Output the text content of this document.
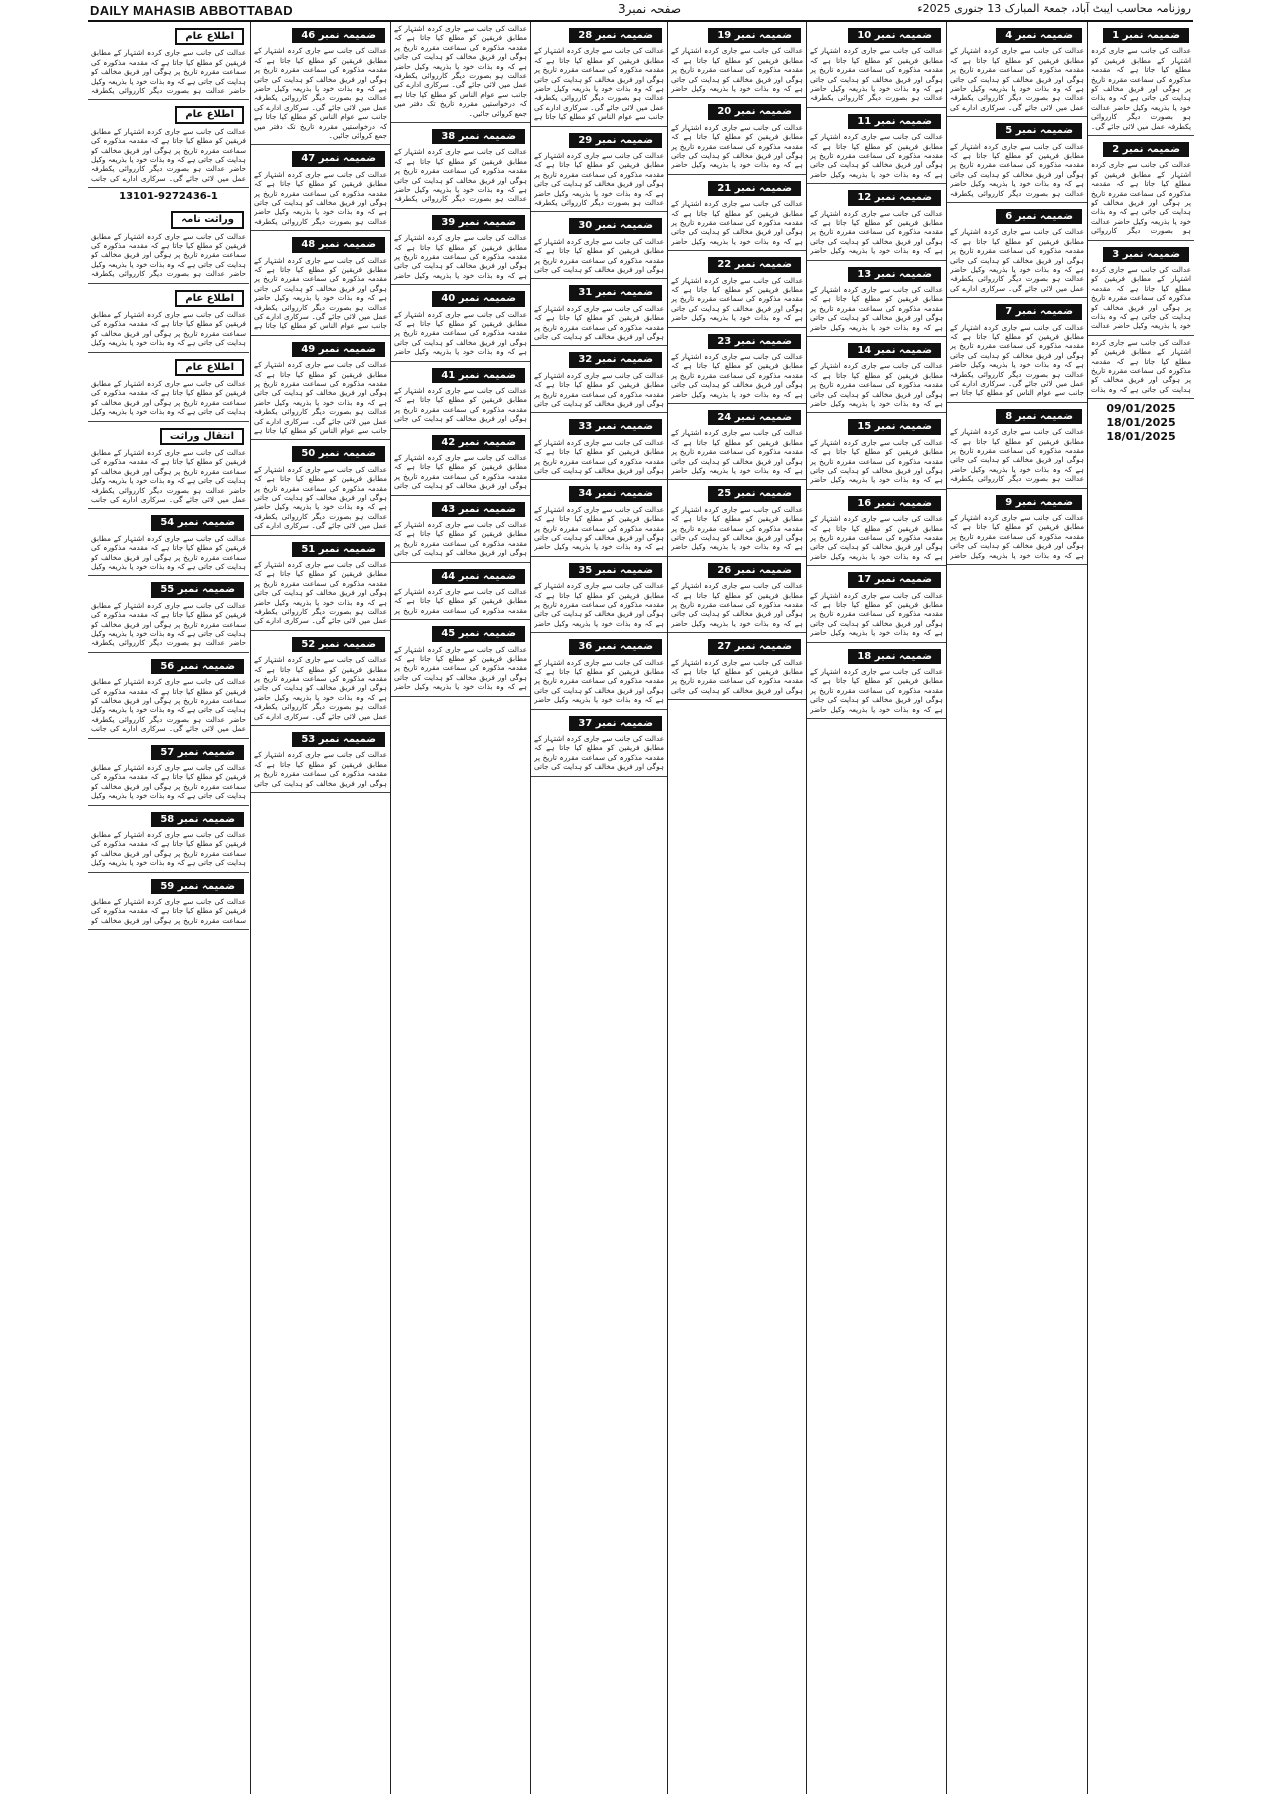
DAILY MAHASIB ABBOTTABAD	صفحہ نمبر3	روزنامہ محاسب ایبٹ آباد، جمعۃ المبارک 13 جنوری 2025ء
ضمیمہ نمبر 1

عدالت کی جانب سے جاری کردہ اشتہار کے مطابق فریقین کو مطلع کیا جاتا ہے کہ مقدمہ مذکورہ کی سماعت مقررہ تاریخ پر ہوگی اور فریق مخالف کو ہدایت کی جاتی ہے کہ وہ بذات خود یا بذریعہ وکیل حاضر عدالت ہو بصورت دیگر کارروائی یکطرفہ عمل میں لائی جائے گی۔

ضمیمہ نمبر 2

عدالت کی جانب سے جاری کردہ اشتہار کے مطابق فریقین کو مطلع کیا جاتا ہے کہ مقدمہ مذکورہ کی سماعت مقررہ تاریخ پر ہوگی اور فریق مخالف کو ہدایت کی جاتی ہے کہ وہ بذات خود یا بذریعہ وکیل حاضر عدالت ہو بصورت دیگر کارروائی

ضمیمہ نمبر 3

عدالت کی جانب سے جاری کردہ اشتہار کے مطابق فریقین کو مطلع کیا جاتا ہے کہ مقدمہ مذکورہ کی سماعت مقررہ تاریخ پر ہوگی اور فریق مخالف کو ہدایت کی جاتی ہے کہ وہ بذات خود یا بذریعہ وکیل حاضر عدالت

عدالت کی جانب سے جاری کردہ اشتہار کے مطابق فریقین کو مطلع کیا جاتا ہے کہ مقدمہ مذکورہ کی سماعت مقررہ تاریخ پر ہوگی اور فریق مخالف کو ہدایت کی جاتی ہے کہ وہ بذات

09/01/2025
18/01/2025
18/01/2025
ضمیمہ نمبر 4

عدالت کی جانب سے جاری کردہ اشتہار کے مطابق فریقین کو مطلع کیا جاتا ہے کہ مقدمہ مذکورہ کی سماعت مقررہ تاریخ پر ہوگی اور فریق مخالف کو ہدایت کی جاتی ہے کہ وہ بذات خود یا بذریعہ وکیل حاضر عدالت ہو بصورت دیگر کارروائی یکطرفہ عمل میں لائی جائے گی۔ سرکاری ادارے کی

ضمیمہ نمبر 5

عدالت کی جانب سے جاری کردہ اشتہار کے مطابق فریقین کو مطلع کیا جاتا ہے کہ مقدمہ مذکورہ کی سماعت مقررہ تاریخ پر ہوگی اور فریق مخالف کو ہدایت کی جاتی ہے کہ وہ بذات خود یا بذریعہ وکیل حاضر عدالت ہو بصورت دیگر کارروائی یکطرفہ

ضمیمہ نمبر 6

عدالت کی جانب سے جاری کردہ اشتہار کے مطابق فریقین کو مطلع کیا جاتا ہے کہ مقدمہ مذکورہ کی سماعت مقررہ تاریخ پر ہوگی اور فریق مخالف کو ہدایت کی جاتی ہے کہ وہ بذات خود یا بذریعہ وکیل حاضر عدالت ہو بصورت دیگر کارروائی یکطرفہ عمل میں لائی جائے گی۔ سرکاری ادارے کی

ضمیمہ نمبر 7

عدالت کی جانب سے جاری کردہ اشتہار کے مطابق فریقین کو مطلع کیا جاتا ہے کہ مقدمہ مذکورہ کی سماعت مقررہ تاریخ پر ہوگی اور فریق مخالف کو ہدایت کی جاتی ہے کہ وہ بذات خود یا بذریعہ وکیل حاضر عدالت ہو بصورت دیگر کارروائی یکطرفہ عمل میں لائی جائے گی۔ سرکاری ادارے کی جانب سے عوام الناس کو مطلع کیا جاتا ہے

ضمیمہ نمبر 8

عدالت کی جانب سے جاری کردہ اشتہار کے مطابق فریقین کو مطلع کیا جاتا ہے کہ مقدمہ مذکورہ کی سماعت مقررہ تاریخ پر ہوگی اور فریق مخالف کو ہدایت کی جاتی ہے کہ وہ بذات خود یا بذریعہ وکیل حاضر عدالت ہو بصورت دیگر کارروائی یکطرفہ

ضمیمہ نمبر 9

عدالت کی جانب سے جاری کردہ اشتہار کے مطابق فریقین کو مطلع کیا جاتا ہے کہ مقدمہ مذکورہ کی سماعت مقررہ تاریخ پر ہوگی اور فریق مخالف کو ہدایت کی جاتی ہے کہ وہ بذات خود یا بذریعہ وکیل حاضر

ضمیمہ نمبر 10

عدالت کی جانب سے جاری کردہ اشتہار کے مطابق فریقین کو مطلع کیا جاتا ہے کہ مقدمہ مذکورہ کی سماعت مقررہ تاریخ پر ہوگی اور فریق مخالف کو ہدایت کی جاتی ہے کہ وہ بذات خود یا بذریعہ وکیل حاضر عدالت ہو بصورت دیگر کارروائی یکطرفہ

ضمیمہ نمبر 11

عدالت کی جانب سے جاری کردہ اشتہار کے مطابق فریقین کو مطلع کیا جاتا ہے کہ مقدمہ مذکورہ کی سماعت مقررہ تاریخ پر ہوگی اور فریق مخالف کو ہدایت کی جاتی ہے کہ وہ بذات خود یا بذریعہ وکیل حاضر

ضمیمہ نمبر 12

عدالت کی جانب سے جاری کردہ اشتہار کے مطابق فریقین کو مطلع کیا جاتا ہے کہ مقدمہ مذکورہ کی سماعت مقررہ تاریخ پر ہوگی اور فریق مخالف کو ہدایت کی جاتی ہے کہ وہ بذات خود یا بذریعہ وکیل حاضر

ضمیمہ نمبر 13

عدالت کی جانب سے جاری کردہ اشتہار کے مطابق فریقین کو مطلع کیا جاتا ہے کہ مقدمہ مذکورہ کی سماعت مقررہ تاریخ پر ہوگی اور فریق مخالف کو ہدایت کی جاتی ہے کہ وہ بذات خود یا بذریعہ وکیل حاضر

ضمیمہ نمبر 14

عدالت کی جانب سے جاری کردہ اشتہار کے مطابق فریقین کو مطلع کیا جاتا ہے کہ مقدمہ مذکورہ کی سماعت مقررہ تاریخ پر ہوگی اور فریق مخالف کو ہدایت کی جاتی ہے کہ وہ بذات خود یا بذریعہ وکیل حاضر

ضمیمہ نمبر 15

عدالت کی جانب سے جاری کردہ اشتہار کے مطابق فریقین کو مطلع کیا جاتا ہے کہ مقدمہ مذکورہ کی سماعت مقررہ تاریخ پر ہوگی اور فریق مخالف کو ہدایت کی جاتی ہے کہ وہ بذات خود یا بذریعہ وکیل حاضر

ضمیمہ نمبر 16

عدالت کی جانب سے جاری کردہ اشتہار کے مطابق فریقین کو مطلع کیا جاتا ہے کہ مقدمہ مذکورہ کی سماعت مقررہ تاریخ پر ہوگی اور فریق مخالف کو ہدایت کی جاتی ہے کہ وہ بذات خود یا بذریعہ وکیل حاضر

ضمیمہ نمبر 17

عدالت کی جانب سے جاری کردہ اشتہار کے مطابق فریقین کو مطلع کیا جاتا ہے کہ مقدمہ مذکورہ کی سماعت مقررہ تاریخ پر ہوگی اور فریق مخالف کو ہدایت کی جاتی ہے کہ وہ بذات خود یا بذریعہ وکیل حاضر

ضمیمہ نمبر 18

عدالت کی جانب سے جاری کردہ اشتہار کے مطابق فریقین کو مطلع کیا جاتا ہے کہ مقدمہ مذکورہ کی سماعت مقررہ تاریخ پر ہوگی اور فریق مخالف کو ہدایت کی جاتی ہے کہ وہ بذات خود یا بذریعہ وکیل حاضر

ضمیمہ نمبر 19

عدالت کی جانب سے جاری کردہ اشتہار کے مطابق فریقین کو مطلع کیا جاتا ہے کہ مقدمہ مذکورہ کی سماعت مقررہ تاریخ پر ہوگی اور فریق مخالف کو ہدایت کی جاتی ہے کہ وہ بذات خود یا بذریعہ وکیل حاضر

ضمیمہ نمبر 20

عدالت کی جانب سے جاری کردہ اشتہار کے مطابق فریقین کو مطلع کیا جاتا ہے کہ مقدمہ مذکورہ کی سماعت مقررہ تاریخ پر ہوگی اور فریق مخالف کو ہدایت کی جاتی ہے کہ وہ بذات خود یا بذریعہ وکیل حاضر

ضمیمہ نمبر 21

عدالت کی جانب سے جاری کردہ اشتہار کے مطابق فریقین کو مطلع کیا جاتا ہے کہ مقدمہ مذکورہ کی سماعت مقررہ تاریخ پر ہوگی اور فریق مخالف کو ہدایت کی جاتی ہے کہ وہ بذات خود یا بذریعہ وکیل حاضر

ضمیمہ نمبر 22

عدالت کی جانب سے جاری کردہ اشتہار کے مطابق فریقین کو مطلع کیا جاتا ہے کہ مقدمہ مذکورہ کی سماعت مقررہ تاریخ پر ہوگی اور فریق مخالف کو ہدایت کی جاتی ہے کہ وہ بذات خود یا بذریعہ وکیل حاضر

ضمیمہ نمبر 23

عدالت کی جانب سے جاری کردہ اشتہار کے مطابق فریقین کو مطلع کیا جاتا ہے کہ مقدمہ مذکورہ کی سماعت مقررہ تاریخ پر ہوگی اور فریق مخالف کو ہدایت کی جاتی ہے کہ وہ بذات خود یا بذریعہ وکیل حاضر

ضمیمہ نمبر 24

عدالت کی جانب سے جاری کردہ اشتہار کے مطابق فریقین کو مطلع کیا جاتا ہے کہ مقدمہ مذکورہ کی سماعت مقررہ تاریخ پر ہوگی اور فریق مخالف کو ہدایت کی جاتی ہے کہ وہ بذات خود یا بذریعہ وکیل حاضر

ضمیمہ نمبر 25

عدالت کی جانب سے جاری کردہ اشتہار کے مطابق فریقین کو مطلع کیا جاتا ہے کہ مقدمہ مذکورہ کی سماعت مقررہ تاریخ پر ہوگی اور فریق مخالف کو ہدایت کی جاتی ہے کہ وہ بذات خود یا بذریعہ وکیل حاضر

ضمیمہ نمبر 26

عدالت کی جانب سے جاری کردہ اشتہار کے مطابق فریقین کو مطلع کیا جاتا ہے کہ مقدمہ مذکورہ کی سماعت مقررہ تاریخ پر ہوگی اور فریق مخالف کو ہدایت کی جاتی ہے کہ وہ بذات خود یا بذریعہ وکیل حاضر

ضمیمہ نمبر 27

عدالت کی جانب سے جاری کردہ اشتہار کے مطابق فریقین کو مطلع کیا جاتا ہے کہ مقدمہ مذکورہ کی سماعت مقررہ تاریخ پر ہوگی اور فریق مخالف کو ہدایت کی جاتی

ضمیمہ نمبر 28

عدالت کی جانب سے جاری کردہ اشتہار کے مطابق فریقین کو مطلع کیا جاتا ہے کہ مقدمہ مذکورہ کی سماعت مقررہ تاریخ پر ہوگی اور فریق مخالف کو ہدایت کی جاتی ہے کہ وہ بذات خود یا بذریعہ وکیل حاضر عدالت ہو بصورت دیگر کارروائی یکطرفہ عمل میں لائی جائے گی۔ سرکاری ادارے کی جانب سے عوام الناس کو مطلع کیا جاتا ہے

ضمیمہ نمبر 29

عدالت کی جانب سے جاری کردہ اشتہار کے مطابق فریقین کو مطلع کیا جاتا ہے کہ مقدمہ مذکورہ کی سماعت مقررہ تاریخ پر ہوگی اور فریق مخالف کو ہدایت کی جاتی ہے کہ وہ بذات خود یا بذریعہ وکیل حاضر عدالت ہو بصورت دیگر کارروائی یکطرفہ

ضمیمہ نمبر 30

عدالت کی جانب سے جاری کردہ اشتہار کے مطابق فریقین کو مطلع کیا جاتا ہے کہ مقدمہ مذکورہ کی سماعت مقررہ تاریخ پر ہوگی اور فریق مخالف کو ہدایت کی جاتی

ضمیمہ نمبر 31

عدالت کی جانب سے جاری کردہ اشتہار کے مطابق فریقین کو مطلع کیا جاتا ہے کہ مقدمہ مذکورہ کی سماعت مقررہ تاریخ پر ہوگی اور فریق مخالف کو ہدایت کی جاتی

ضمیمہ نمبر 32

عدالت کی جانب سے جاری کردہ اشتہار کے مطابق فریقین کو مطلع کیا جاتا ہے کہ مقدمہ مذکورہ کی سماعت مقررہ تاریخ پر ہوگی اور فریق مخالف کو ہدایت کی جاتی

ضمیمہ نمبر 33

عدالت کی جانب سے جاری کردہ اشتہار کے مطابق فریقین کو مطلع کیا جاتا ہے کہ مقدمہ مذکورہ کی سماعت مقررہ تاریخ پر ہوگی اور فریق مخالف کو ہدایت کی جاتی

ضمیمہ نمبر 34

عدالت کی جانب سے جاری کردہ اشتہار کے مطابق فریقین کو مطلع کیا جاتا ہے کہ مقدمہ مذکورہ کی سماعت مقررہ تاریخ پر ہوگی اور فریق مخالف کو ہدایت کی جاتی ہے کہ وہ بذات خود یا بذریعہ وکیل حاضر

ضمیمہ نمبر 35

عدالت کی جانب سے جاری کردہ اشتہار کے مطابق فریقین کو مطلع کیا جاتا ہے کہ مقدمہ مذکورہ کی سماعت مقررہ تاریخ پر ہوگی اور فریق مخالف کو ہدایت کی جاتی ہے کہ وہ بذات خود یا بذریعہ وکیل حاضر

ضمیمہ نمبر 36

عدالت کی جانب سے جاری کردہ اشتہار کے مطابق فریقین کو مطلع کیا جاتا ہے کہ مقدمہ مذکورہ کی سماعت مقررہ تاریخ پر ہوگی اور فریق مخالف کو ہدایت کی جاتی ہے کہ وہ بذات خود یا بذریعہ وکیل حاضر

ضمیمہ نمبر 37

عدالت کی جانب سے جاری کردہ اشتہار کے مطابق فریقین کو مطلع کیا جاتا ہے کہ مقدمہ مذکورہ کی سماعت مقررہ تاریخ پر ہوگی اور فریق مخالف کو ہدایت کی جاتی

عدالت کی جانب سے جاری کردہ اشتہار کے مطابق فریقین کو مطلع کیا جاتا ہے کہ مقدمہ مذکورہ کی سماعت مقررہ تاریخ پر ہوگی اور فریق مخالف کو ہدایت کی جاتی ہے کہ وہ بذات خود یا بذریعہ وکیل حاضر عدالت ہو بصورت دیگر کارروائی یکطرفہ عمل میں لائی جائے گی۔ سرکاری ادارے کی جانب سے عوام الناس کو مطلع کیا جاتا ہے کہ درخواستیں مقررہ تاریخ تک دفتر میں جمع کروائی جائیں۔

ضمیمہ نمبر 38

عدالت کی جانب سے جاری کردہ اشتہار کے مطابق فریقین کو مطلع کیا جاتا ہے کہ مقدمہ مذکورہ کی سماعت مقررہ تاریخ پر ہوگی اور فریق مخالف کو ہدایت کی جاتی ہے کہ وہ بذات خود یا بذریعہ وکیل حاضر عدالت ہو بصورت دیگر کارروائی یکطرفہ

ضمیمہ نمبر 39

عدالت کی جانب سے جاری کردہ اشتہار کے مطابق فریقین کو مطلع کیا جاتا ہے کہ مقدمہ مذکورہ کی سماعت مقررہ تاریخ پر ہوگی اور فریق مخالف کو ہدایت کی جاتی ہے کہ وہ بذات خود یا بذریعہ وکیل حاضر

ضمیمہ نمبر 40

عدالت کی جانب سے جاری کردہ اشتہار کے مطابق فریقین کو مطلع کیا جاتا ہے کہ مقدمہ مذکورہ کی سماعت مقررہ تاریخ پر ہوگی اور فریق مخالف کو ہدایت کی جاتی ہے کہ وہ بذات خود یا بذریعہ وکیل حاضر

ضمیمہ نمبر 41

عدالت کی جانب سے جاری کردہ اشتہار کے مطابق فریقین کو مطلع کیا جاتا ہے کہ مقدمہ مذکورہ کی سماعت مقررہ تاریخ پر ہوگی اور فریق مخالف کو ہدایت کی جاتی

ضمیمہ نمبر 42

عدالت کی جانب سے جاری کردہ اشتہار کے مطابق فریقین کو مطلع کیا جاتا ہے کہ مقدمہ مذکورہ کی سماعت مقررہ تاریخ پر ہوگی اور فریق مخالف کو ہدایت کی جاتی

ضمیمہ نمبر 43

عدالت کی جانب سے جاری کردہ اشتہار کے مطابق فریقین کو مطلع کیا جاتا ہے کہ مقدمہ مذکورہ کی سماعت مقررہ تاریخ پر ہوگی اور فریق مخالف کو ہدایت کی جاتی

ضمیمہ نمبر 44

عدالت کی جانب سے جاری کردہ اشتہار کے مطابق فریقین کو مطلع کیا جاتا ہے کہ مقدمہ مذکورہ کی سماعت مقررہ تاریخ پر

ضمیمہ نمبر 45

عدالت کی جانب سے جاری کردہ اشتہار کے مطابق فریقین کو مطلع کیا جاتا ہے کہ مقدمہ مذکورہ کی سماعت مقررہ تاریخ پر ہوگی اور فریق مخالف کو ہدایت کی جاتی ہے کہ وہ بذات خود یا بذریعہ وکیل حاضر

ضمیمہ نمبر 46

عدالت کی جانب سے جاری کردہ اشتہار کے مطابق فریقین کو مطلع کیا جاتا ہے کہ مقدمہ مذکورہ کی سماعت مقررہ تاریخ پر ہوگی اور فریق مخالف کو ہدایت کی جاتی ہے کہ وہ بذات خود یا بذریعہ وکیل حاضر عدالت ہو بصورت دیگر کارروائی یکطرفہ عمل میں لائی جائے گی۔ سرکاری ادارے کی جانب سے عوام الناس کو مطلع کیا جاتا ہے کہ درخواستیں مقررہ تاریخ تک دفتر میں جمع کروائی جائیں۔

ضمیمہ نمبر 47

عدالت کی جانب سے جاری کردہ اشتہار کے مطابق فریقین کو مطلع کیا جاتا ہے کہ مقدمہ مذکورہ کی سماعت مقررہ تاریخ پر ہوگی اور فریق مخالف کو ہدایت کی جاتی ہے کہ وہ بذات خود یا بذریعہ وکیل حاضر عدالت ہو بصورت دیگر کارروائی یکطرفہ

ضمیمہ نمبر 48

عدالت کی جانب سے جاری کردہ اشتہار کے مطابق فریقین کو مطلع کیا جاتا ہے کہ مقدمہ مذکورہ کی سماعت مقررہ تاریخ پر ہوگی اور فریق مخالف کو ہدایت کی جاتی ہے کہ وہ بذات خود یا بذریعہ وکیل حاضر عدالت ہو بصورت دیگر کارروائی یکطرفہ عمل میں لائی جائے گی۔ سرکاری ادارے کی جانب سے عوام الناس کو مطلع کیا جاتا ہے

ضمیمہ نمبر 49

عدالت کی جانب سے جاری کردہ اشتہار کے مطابق فریقین کو مطلع کیا جاتا ہے کہ مقدمہ مذکورہ کی سماعت مقررہ تاریخ پر ہوگی اور فریق مخالف کو ہدایت کی جاتی ہے کہ وہ بذات خود یا بذریعہ وکیل حاضر عدالت ہو بصورت دیگر کارروائی یکطرفہ عمل میں لائی جائے گی۔ سرکاری ادارے کی جانب سے عوام الناس کو مطلع کیا جاتا ہے

ضمیمہ نمبر 50

عدالت کی جانب سے جاری کردہ اشتہار کے مطابق فریقین کو مطلع کیا جاتا ہے کہ مقدمہ مذکورہ کی سماعت مقررہ تاریخ پر ہوگی اور فریق مخالف کو ہدایت کی جاتی ہے کہ وہ بذات خود یا بذریعہ وکیل حاضر عدالت ہو بصورت دیگر کارروائی یکطرفہ عمل میں لائی جائے گی۔ سرکاری ادارے کی

ضمیمہ نمبر 51

عدالت کی جانب سے جاری کردہ اشتہار کے مطابق فریقین کو مطلع کیا جاتا ہے کہ مقدمہ مذکورہ کی سماعت مقررہ تاریخ پر ہوگی اور فریق مخالف کو ہدایت کی جاتی ہے کہ وہ بذات خود یا بذریعہ وکیل حاضر عدالت ہو بصورت دیگر کارروائی یکطرفہ عمل میں لائی جائے گی۔ سرکاری ادارے کی

ضمیمہ نمبر 52

عدالت کی جانب سے جاری کردہ اشتہار کے مطابق فریقین کو مطلع کیا جاتا ہے کہ مقدمہ مذکورہ کی سماعت مقررہ تاریخ پر ہوگی اور فریق مخالف کو ہدایت کی جاتی ہے کہ وہ بذات خود یا بذریعہ وکیل حاضر عدالت ہو بصورت دیگر کارروائی یکطرفہ عمل میں لائی جائے گی۔ سرکاری ادارے کی

ضمیمہ نمبر 53

عدالت کی جانب سے جاری کردہ اشتہار کے مطابق فریقین کو مطلع کیا جاتا ہے کہ مقدمہ مذکورہ کی سماعت مقررہ تاریخ پر ہوگی اور فریق مخالف کو ہدایت کی جاتی

اطلاع عام

عدالت کی جانب سے جاری کردہ اشتہار کے مطابق فریقین کو مطلع کیا جاتا ہے کہ مقدمہ مذکورہ کی سماعت مقررہ تاریخ پر ہوگی اور فریق مخالف کو ہدایت کی جاتی ہے کہ وہ بذات خود یا بذریعہ وکیل حاضر عدالت ہو بصورت دیگر کارروائی یکطرفہ

اطلاع عام

عدالت کی جانب سے جاری کردہ اشتہار کے مطابق فریقین کو مطلع کیا جاتا ہے کہ مقدمہ مذکورہ کی سماعت مقررہ تاریخ پر ہوگی اور فریق مخالف کو ہدایت کی جاتی ہے کہ وہ بذات خود یا بذریعہ وکیل حاضر عدالت ہو بصورت دیگر کارروائی یکطرفہ عمل میں لائی جائے گی۔ سرکاری ادارے کی جانب

13101-9272436-1
وراثت نامہ

عدالت کی جانب سے جاری کردہ اشتہار کے مطابق فریقین کو مطلع کیا جاتا ہے کہ مقدمہ مذکورہ کی سماعت مقررہ تاریخ پر ہوگی اور فریق مخالف کو ہدایت کی جاتی ہے کہ وہ بذات خود یا بذریعہ وکیل حاضر عدالت ہو بصورت دیگر کارروائی یکطرفہ

اطلاع عام

عدالت کی جانب سے جاری کردہ اشتہار کے مطابق فریقین کو مطلع کیا جاتا ہے کہ مقدمہ مذکورہ کی سماعت مقررہ تاریخ پر ہوگی اور فریق مخالف کو ہدایت کی جاتی ہے کہ وہ بذات خود یا بذریعہ وکیل

اطلاع عام

عدالت کی جانب سے جاری کردہ اشتہار کے مطابق فریقین کو مطلع کیا جاتا ہے کہ مقدمہ مذکورہ کی سماعت مقررہ تاریخ پر ہوگی اور فریق مخالف کو ہدایت کی جاتی ہے کہ وہ بذات خود یا بذریعہ وکیل

انتقال وراثت

عدالت کی جانب سے جاری کردہ اشتہار کے مطابق فریقین کو مطلع کیا جاتا ہے کہ مقدمہ مذکورہ کی سماعت مقررہ تاریخ پر ہوگی اور فریق مخالف کو ہدایت کی جاتی ہے کہ وہ بذات خود یا بذریعہ وکیل حاضر عدالت ہو بصورت دیگر کارروائی یکطرفہ عمل میں لائی جائے گی۔ سرکاری ادارے کی جانب

ضمیمہ نمبر 54

عدالت کی جانب سے جاری کردہ اشتہار کے مطابق فریقین کو مطلع کیا جاتا ہے کہ مقدمہ مذکورہ کی سماعت مقررہ تاریخ پر ہوگی اور فریق مخالف کو ہدایت کی جاتی ہے کہ وہ بذات خود یا بذریعہ وکیل

ضمیمہ نمبر 55

عدالت کی جانب سے جاری کردہ اشتہار کے مطابق فریقین کو مطلع کیا جاتا ہے کہ مقدمہ مذکورہ کی سماعت مقررہ تاریخ پر ہوگی اور فریق مخالف کو ہدایت کی جاتی ہے کہ وہ بذات خود یا بذریعہ وکیل حاضر عدالت ہو بصورت دیگر کارروائی یکطرفہ

ضمیمہ نمبر 56

عدالت کی جانب سے جاری کردہ اشتہار کے مطابق فریقین کو مطلع کیا جاتا ہے کہ مقدمہ مذکورہ کی سماعت مقررہ تاریخ پر ہوگی اور فریق مخالف کو ہدایت کی جاتی ہے کہ وہ بذات خود یا بذریعہ وکیل حاضر عدالت ہو بصورت دیگر کارروائی یکطرفہ عمل میں لائی جائے گی۔ سرکاری ادارے کی جانب

ضمیمہ نمبر 57

عدالت کی جانب سے جاری کردہ اشتہار کے مطابق فریقین کو مطلع کیا جاتا ہے کہ مقدمہ مذکورہ کی سماعت مقررہ تاریخ پر ہوگی اور فریق مخالف کو ہدایت کی جاتی ہے کہ وہ بذات خود یا بذریعہ وکیل

ضمیمہ نمبر 58

عدالت کی جانب سے جاری کردہ اشتہار کے مطابق فریقین کو مطلع کیا جاتا ہے کہ مقدمہ مذکورہ کی سماعت مقررہ تاریخ پر ہوگی اور فریق مخالف کو ہدایت کی جاتی ہے کہ وہ بذات خود یا بذریعہ وکیل

ضمیمہ نمبر 59

عدالت کی جانب سے جاری کردہ اشتہار کے مطابق فریقین کو مطلع کیا جاتا ہے کہ مقدمہ مذکورہ کی سماعت مقررہ تاریخ پر ہوگی اور فریق مخالف کو
